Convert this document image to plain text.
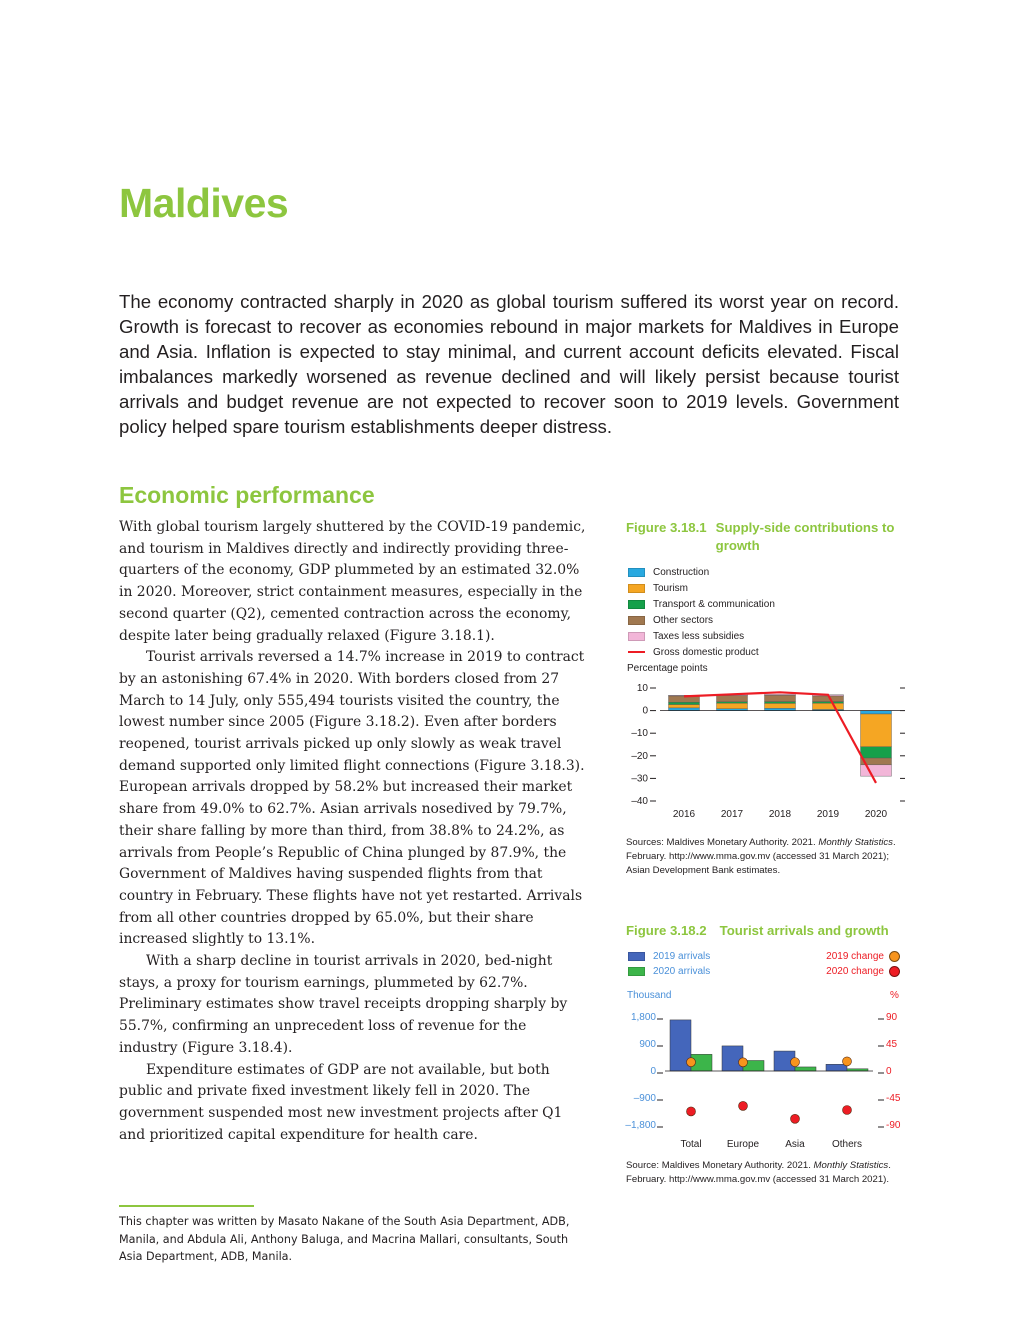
Maldives
The economy contracted sharply in 2020 as global tourism suffered its worst year on record. Growth is forecast to recover as economies rebound in major markets for Maldives in Europe and Asia. Inflation is expected to stay minimal, and current account deficits elevated. Fiscal imbalances markedly worsened as revenue declined and will likely persist because tourist arrivals and budget revenue are not expected to recover soon to 2019 levels. Government policy helped spare tourism establishments deeper distress.
Economic performance

With global tourism largely shuttered by the COVID-19 pandemic, and tourism in Maldives directly and indirectly providing three-quarters of the economy, GDP plummeted by an estimated 32.0% in 2020. Moreover, strict containment measures, especially in the second quarter (Q2), cemented contraction across the economy, despite later being gradually relaxed (Figure 3.18.1).

Tourist arrivals reversed a 14.7% increase in 2019 to contract by an astonishing 67.4% in 2020. With borders closed from 27 March to 14 July, only 555,494 tourists visited the country, the lowest number since 2005 (Figure 3.18.2). Even after borders reopened, tourist arrivals picked up only slowly as weak travel demand supported only limited flight connections (Figure 3.18.3). European arrivals dropped by 58.2% but increased their market share from 49.0% to 62.7%. Asian arrivals nosedived by 79.7%, their share falling by more than third, from 38.8% to 24.2%, as arrivals from People’s Republic of China plunged by 87.9%, the Government of Maldives having suspended flights from that country in February. These flights have not yet restarted. Arrivals from all other countries dropped by 65.0%, but their share increased slightly to 13.1%.

With a sharp decline in tourist arrivals in 2020, bed-night stays, a proxy for tourism earnings, plummeted by 62.7%. Preliminary estimates show travel receipts dropping sharply by 55.7%, confirming an unprecedent loss of revenue for the industry (Figure 3.18.4).

Expenditure estimates of GDP are not available, but both public and private fixed investment likely fell in 2020. The government suspended most new investment projects after Q1 and prioritized capital expenditure for health care.

This chapter was written by Masato Nakane of the South Asia Department, ADB, Manila, and Abdula Ali, Anthony Baluga, and Macrina Mallari, consultants, South Asia Department, ADB, Manila.
Figure 3.18.1 Supply-side contributions to growth
Construction
Tourism
Transport & communication
Other sectors
Taxes less subsidies
Gross domestic product
Percentage points
10
0
–10
–20
–30
–40
2016	2017	2018	2019	2020
Sources: Maldives Monetary Authority. 2021. Monthly Statistics. February. http://www.mma.gov.mv (accessed 31 March 2021); Asian Development Bank estimates.
Figure 3.18.2 Tourist arrivals and growth
2019 arrivals
2020 arrivals
2019 change
2020 change
Thousand	%
1,800
900
0
–900
–1,800
90
45
0
-45
-90
Total	Europe	Asia	Others
Source: Maldives Monetary Authority. 2021. Monthly Statistics. February. http://www.mma.gov.mv (accessed 31 March 2021).
